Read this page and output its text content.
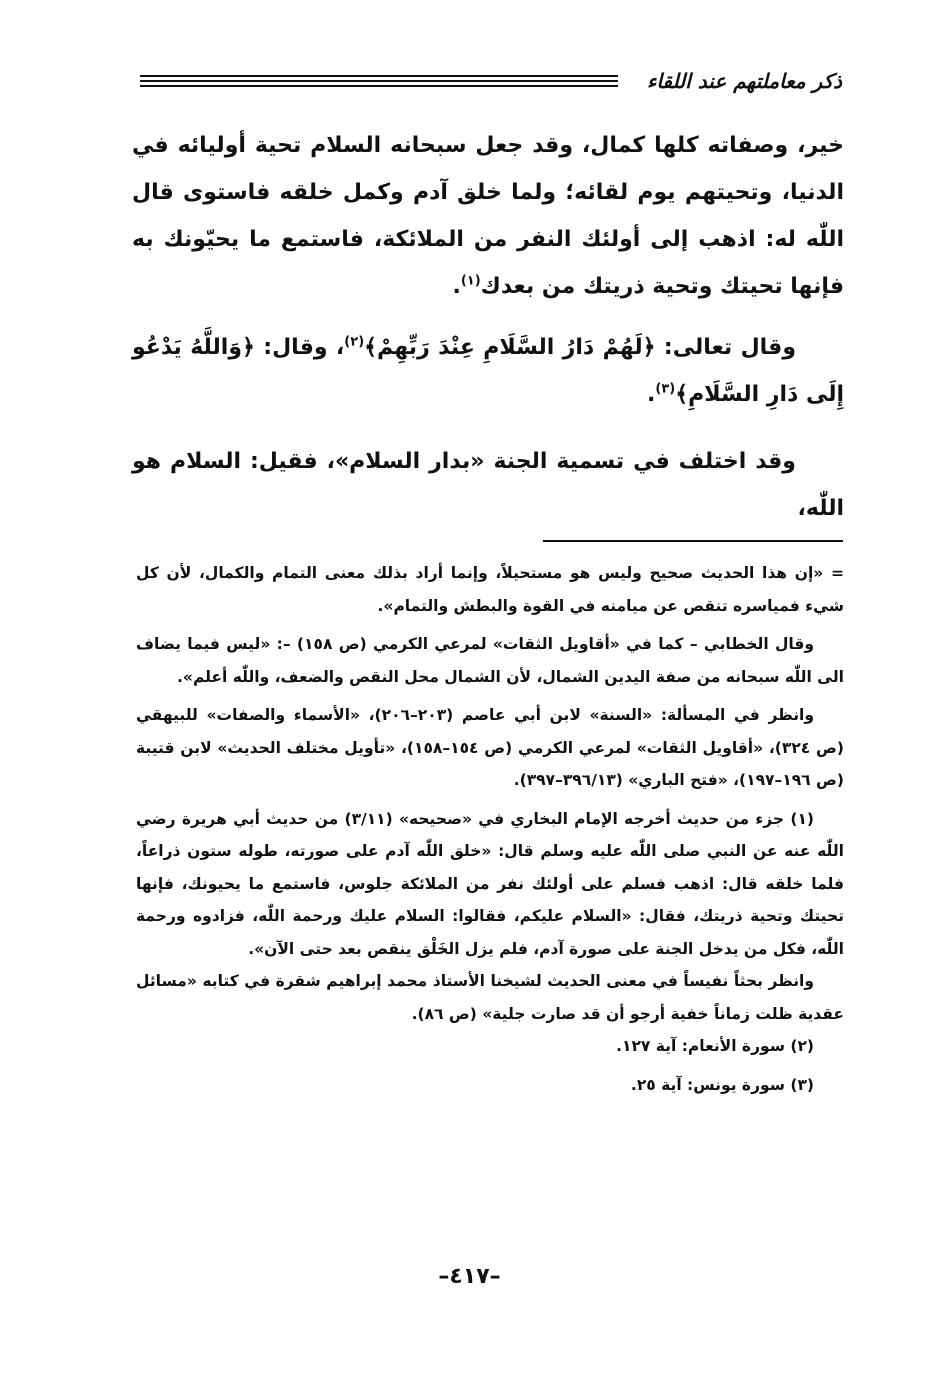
ذكر معاملتهم عند اللقاء

خير، وصفاته كلها كمال، وقد جعل سبحانه السلام تحية أوليائه في الدنيا، وتحيتهم يوم لقائه؛ ولما خلق آدم وكمل خلقه فاستوى قال اللّٰه له: اذهب إلى أولئك النفر من الملائكة، فاستمع ما يحيّونك به فإنها تحيتك وتحية ذريتك من بعدك$^{(١)}$.

وقال تعالى: ﴿لَهُمْ دَارُ السَّلَامِ عِنْدَ رَبِّهِمْ﴾$^{(٢)}$، وقال: ﴿وَاللَّهُ يَدْعُو إِلَى دَارِ السَّلَامِ﴾$^{(٣)}$.

وقد اختلف في تسمية الجنة «بدار السلام»، فقيل: السلام هو اللّٰه،

= «إن هذا الحديث صحيح وليس هو مستحيلاً، وإنما أراد بذلك معنى التمام والكمال، لأن كل شيء فمياسره تنقص عن ميامنه في القوة والبطش والتمام».

وقال الخطابي – كما في «أقاويل الثقات» لمرعي الكرمي (ص ١٥٨) –: «ليس فيما يضاف الى اللّٰه سبحانه من صفة اليدين الشمال، لأن الشمال محل النقص والضعف، واللّٰه أعلم».

وانظر في المسألة: «السنة» لابن أبي عاصم (٢٠٣–٢٠٦)، «الأسماء والصفات» للبيهقي (ص ٣٢٤)، «أقاويل الثقات» لمرعي الكرمي (ص ١٥٤–١٥٨)، «تأويل مختلف الحديث» لابن قتيبة (ص ١٩٦–١٩٧)، «فتح الباري» (٣٩٦/١٣–٣٩٧).

(١) جزء من حديث أخرجه الإمام البخاري في «صحيحه» (٣/١١) من حديث أبي هريرة رضي اللّٰه عنه عن النبي صلى اللّٰه عليه وسلم قال: «خلق اللّٰه آدم على صورته، طوله ستون ذراعاً، فلما خلقه قال: اذهب فسلم على أولئك نفر من الملائكة جلوس، فاستمع ما يحيونك، فإنها تحيتك وتحية ذريتك، فقال: «السلام عليكم، فقالوا: السلام عليك ورحمة اللّٰه، فزادوه ورحمة اللّٰه، فكل من يدخل الجنة على صورة آدم، فلم يزل الخَلْق ينقص بعد حتى الآن».

وانظر بحثاً نفيساً في معنى الحديث لشيخنا الأستاذ محمد إبراهيم شقرة في كتابه «مسائل عقدية ظلت زماناً خفية أرجو أن قد صارت جلية» (ص ٨٦).

(٢) سورة الأنعام: آية ١٢٧.

(٣) سورة يونس: آية ٢٥.

–٤١٧–
